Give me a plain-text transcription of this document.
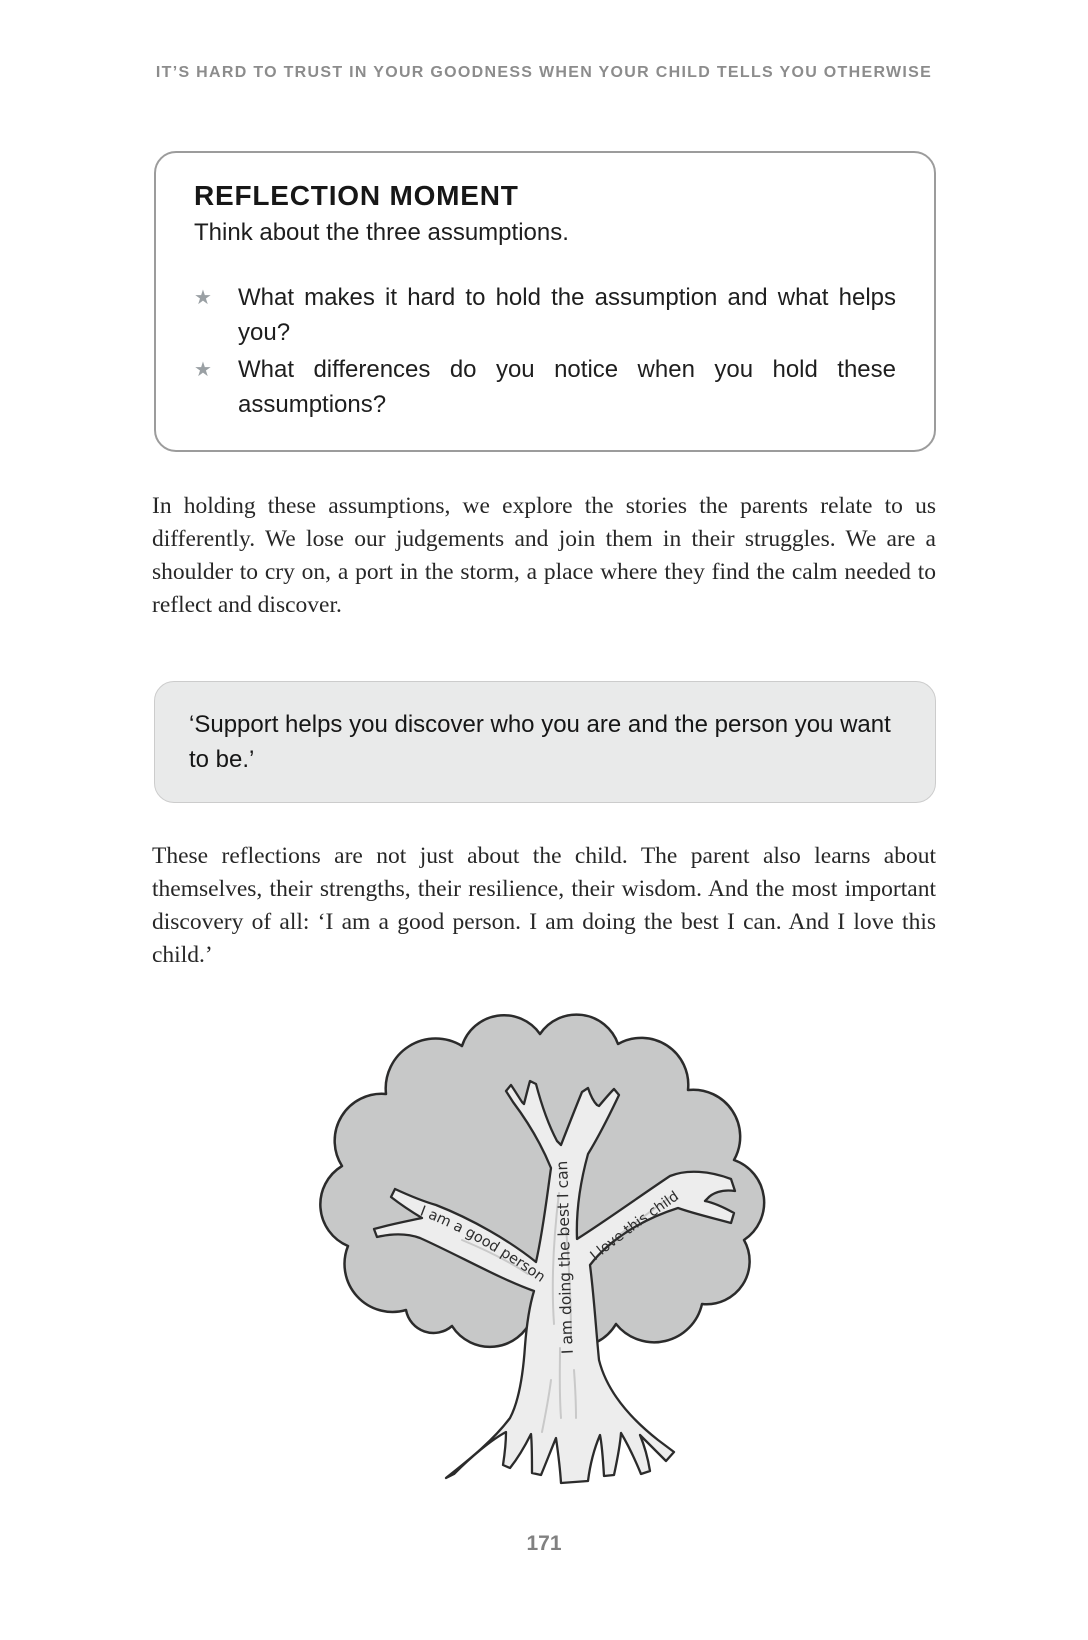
IT’S HARD TO TRUST IN YOUR GOODNESS WHEN YOUR CHILD TELLS YOU OTHERWISE
REFLECTION MOMENT

Think about the three assumptions.

★	What makes it hard to hold the assumption and what helps you?
★	What differences do you notice when you hold these assumptions?

In holding these assumptions, we explore the stories the parents relate to us differently. We lose our judgements and join them in their struggles. We are a shoulder to cry on, a port in the storm, a place where they find the calm needed to reflect and discover.

‘Support helps you discover who you are and the person you want to be.’

These reflections are not just about the child. The parent also learns about themselves, their strengths, their resilience, their wisdom. And the most important discovery of all: ‘I am a good person. I am doing the best I can. And I love this child.’

I am a good person
I am doing the best I can
I love this child
171
